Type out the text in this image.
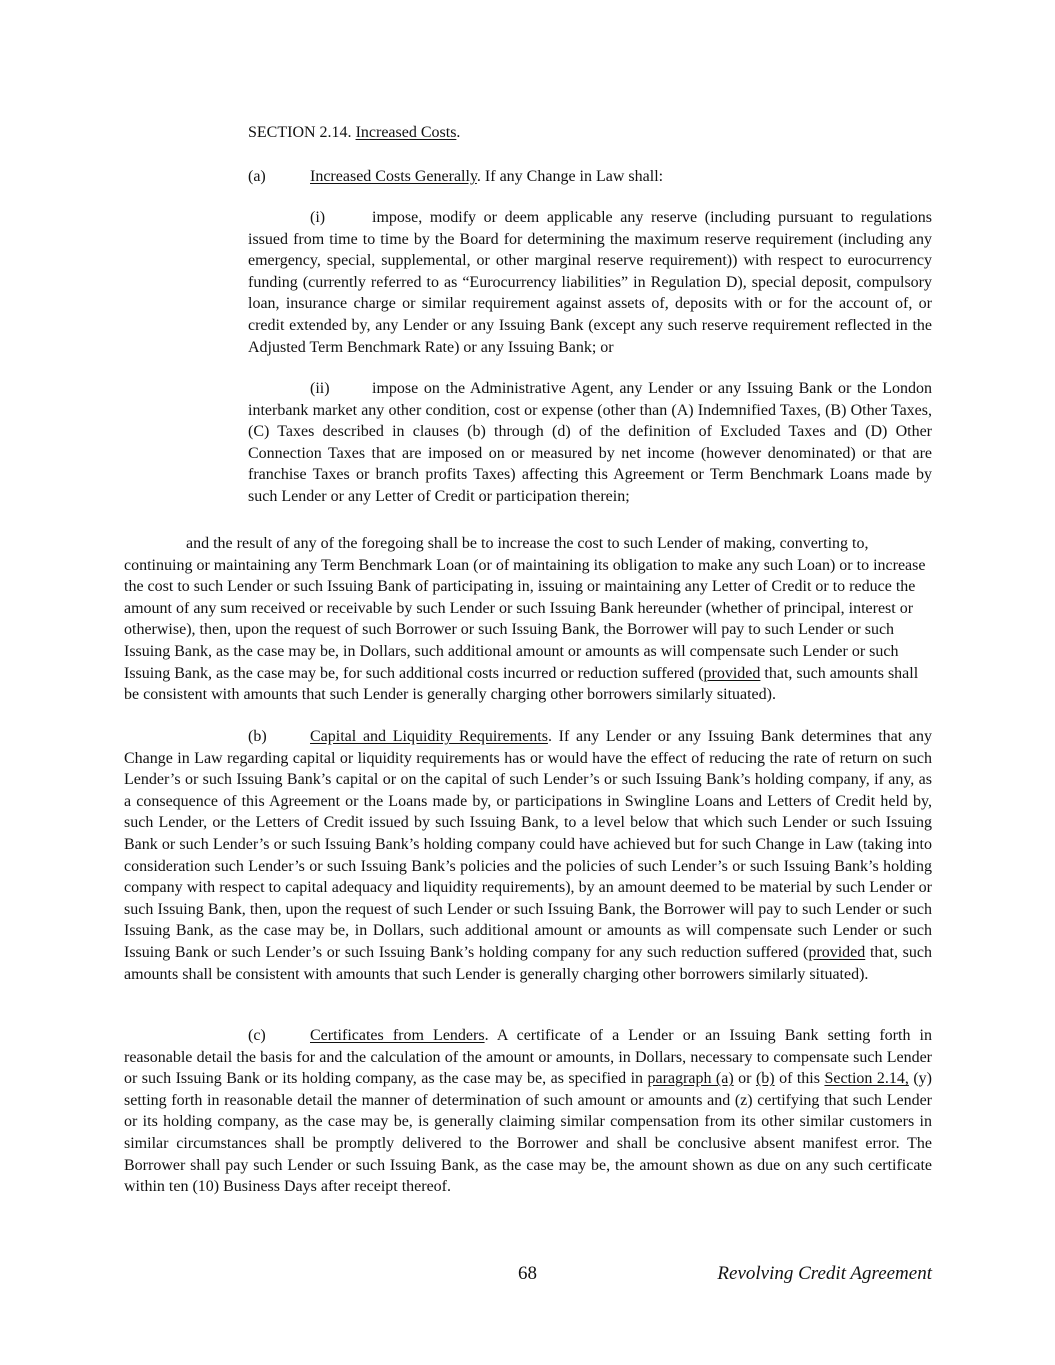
SECTION 2.14. Increased Costs.
(a)	Increased Costs Generally. If any Change in Law shall:
(i)	impose, modify or deem applicable any reserve (including pursuant to regulations issued from time to time by the Board for determining the maximum reserve requirement (including any emergency, special, supplemental, or other marginal reserve requirement)) with respect to eurocurrency funding (currently referred to as “Eurocurrency liabilities” in Regulation D), special deposit, compulsory loan, insurance charge or similar requirement against assets of, deposits with or for the account of, or credit extended by, any Lender or any Issuing Bank (except any such reserve requirement reflected in the Adjusted Term Benchmark Rate) or any Issuing Bank; or
(ii)	impose on the Administrative Agent, any Lender or any Issuing Bank or the London interbank market any other condition, cost or expense (other than (A) Indemnified Taxes, (B) Other Taxes, (C) Taxes described in clauses (b) through (d) of the definition of Excluded Taxes and (D) Other Connection Taxes that are imposed on or measured by net income (however denominated) or that are franchise Taxes or branch profits Taxes) affecting this Agreement or Term Benchmark Loans made by such Lender or any Letter of Credit or participation therein;
and the result of any of the foregoing shall be to increase the cost to such Lender of making, converting to, continuing or maintaining any Term Benchmark Loan (or of maintaining its obligation to make any such Loan) or to increase the cost to such Lender or such Issuing Bank of participating in, issuing or maintaining any Letter of Credit or to reduce the amount of any sum received or receivable by such Lender or such Issuing Bank hereunder (whether of principal, interest or otherwise), then, upon the request of such Borrower or such Issuing Bank, the Borrower will pay to such Lender or such Issuing Bank, as the case may be, in Dollars, such additional amount or amounts as will compensate such Lender or such Issuing Bank, as the case may be, for such additional costs incurred or reduction suffered (provided that, such amounts shall be consistent with amounts that such Lender is generally charging other borrowers similarly situated).
(b)	Capital and Liquidity Requirements. If any Lender or any Issuing Bank determines that any Change in Law regarding capital or liquidity requirements has or would have the effect of reducing the rate of return on such Lender’s or such Issuing Bank’s capital or on the capital of such Lender’s or such Issuing Bank’s holding company, if any, as a consequence of this Agreement or the Loans made by, or participations in Swingline Loans and Letters of Credit held by, such Lender, or the Letters of Credit issued by such Issuing Bank, to a level below that which such Lender or such Issuing Bank or such Lender’s or such Issuing Bank’s holding company could have achieved but for such Change in Law (taking into consideration such Lender’s or such Issuing Bank’s policies and the policies of such Lender’s or such Issuing Bank’s holding company with respect to capital adequacy and liquidity requirements), by an amount deemed to be material by such Lender or such Issuing Bank, then, upon the request of such Lender or such Issuing Bank, the Borrower will pay to such Lender or such Issuing Bank, as the case may be, in Dollars, such additional amount or amounts as will compensate such Lender or such Issuing Bank or such Lender’s or such Issuing Bank’s holding company for any such reduction suffered (provided that, such amounts shall be consistent with amounts that such Lender is generally charging other borrowers similarly situated).
(c)	Certificates from Lenders. A certificate of a Lender or an Issuing Bank setting forth in reasonable detail the basis for and the calculation of the amount or amounts, in Dollars, necessary to compensate such Lender or such Issuing Bank or its holding company, as the case may be, as specified in paragraph (a) or (b) of this Section 2.14, (y) setting forth in reasonable detail the manner of determination of such amount or amounts and (z) certifying that such Lender or its holding company, as the case may be, is generally claiming similar compensation from its other similar customers in similar circumstances shall be promptly delivered to the Borrower and shall be conclusive absent manifest error. The Borrower shall pay such Lender or such Issuing Bank, as the case may be, the amount shown as due on any such certificate within ten (10) Business Days after receipt thereof.
68	Revolving Credit Agreement
